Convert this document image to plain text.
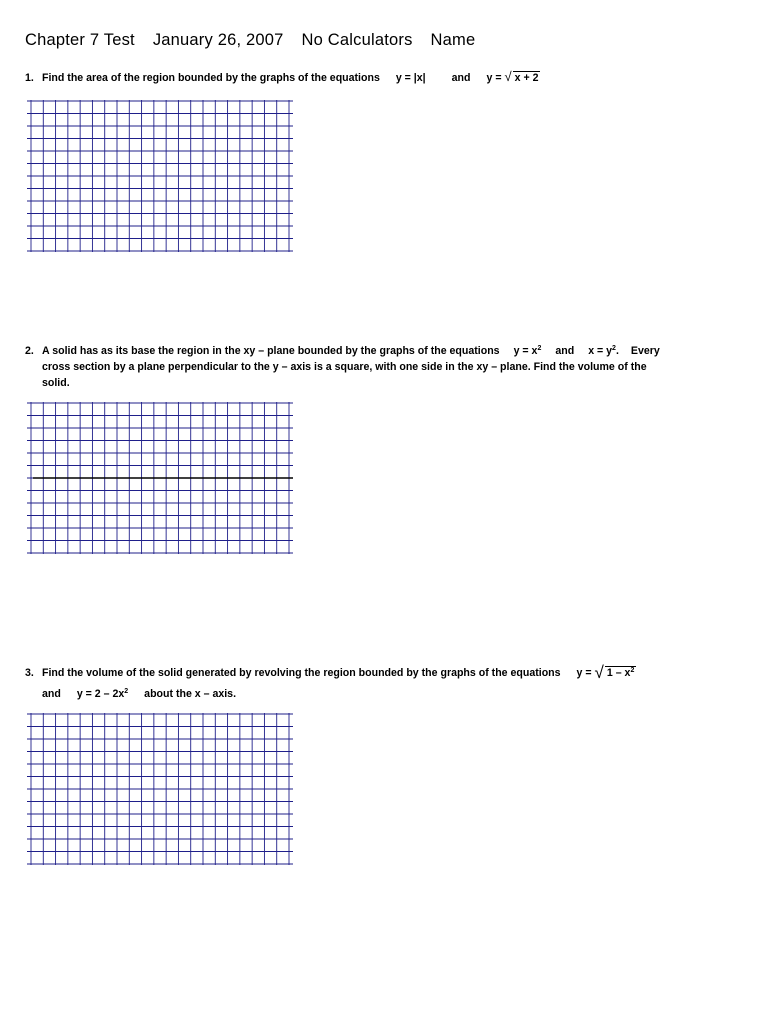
Chapter 7 Test January 26, 2007 No Calculators Name
1. Find the area of the region bounded by the graphs of the equations y = |x| and y = √ x + 2
2. A solid has as its base the region in the xy – plane bounded by the graphs of the equations $y = x^2$ and $x = y^2$. Every
cross section by a plane perpendicular to the y – axis is a square, with one side in the xy – plane. Find the volume of the
solid.
3. Find the volume of the solid generated by revolving the region bounded by the graphs of the equations y = √ $1 - x^2$
and $y = 2 - 2x^2$ about the x – axis.
